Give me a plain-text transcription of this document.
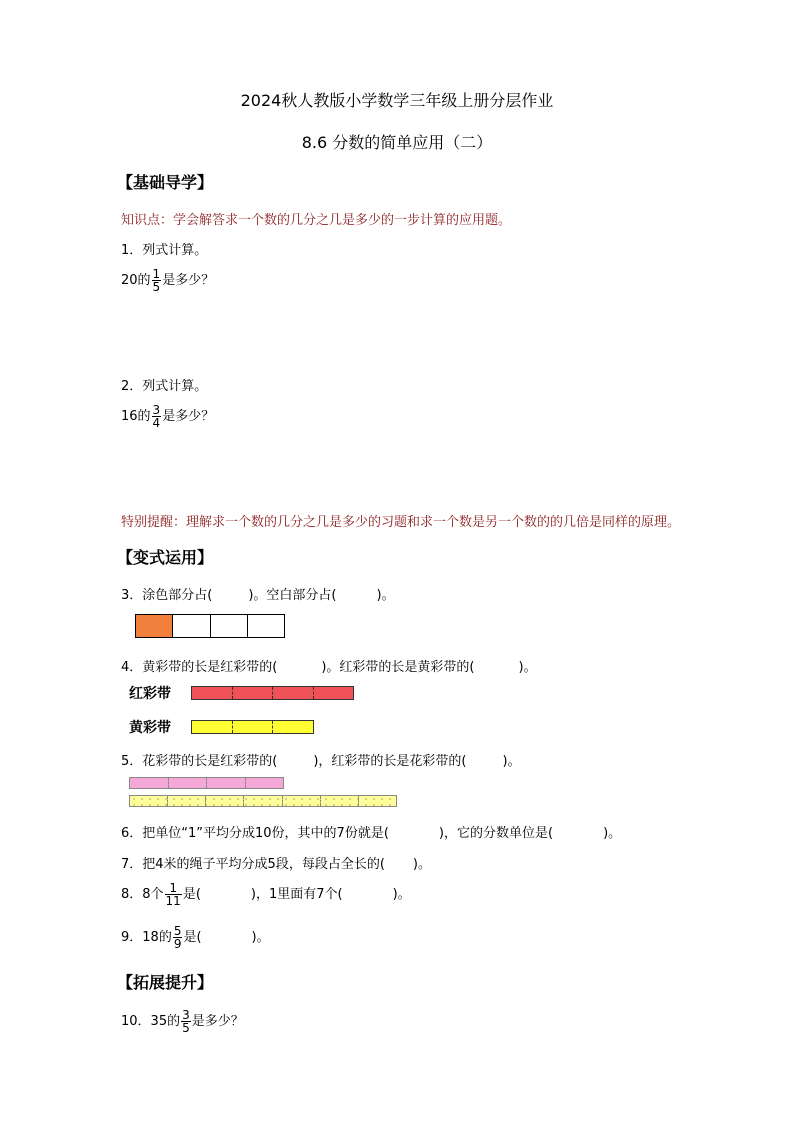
2024秋人教版小学数学三年级上册分层作业
8.6 分数的简单应用（二）
【基础导学】
知识点：学会解答求一个数的几分之几是多少的一步计算的应用题。
1．列式计算。
20的 $\frac{1}{5}$ 是多少？
2．列式计算。
16的 $\frac{3}{4}$ 是多少？
特别提醒：理解求一个数的几分之几是多少的习题和求一个数是另一个数的的几倍是同样的原理。
【变式运用】
3．涂色部分占(	)。空白部分占(	)。
4．黄彩带的长是红彩带的(	)。红彩带的长是黄彩带的(	)。
红彩带
黄彩带
5．花彩带的长是红彩带的(	)，红彩带的长是花彩带的(	)。
6．把单位“1”平均分成10份，其中的7份就是(	)，它的分数单位是(	)。
7．把4米的绳子平均分成5段，每段占全长的( )。
8．8个 $\frac{1}{11}$ 是(	)，1里面有7个(	)。
9．18的 $\frac{5}{9}$ 是(	)。
【拓展提升】
10．35的 $\frac{3}{5}$ 是多少？
